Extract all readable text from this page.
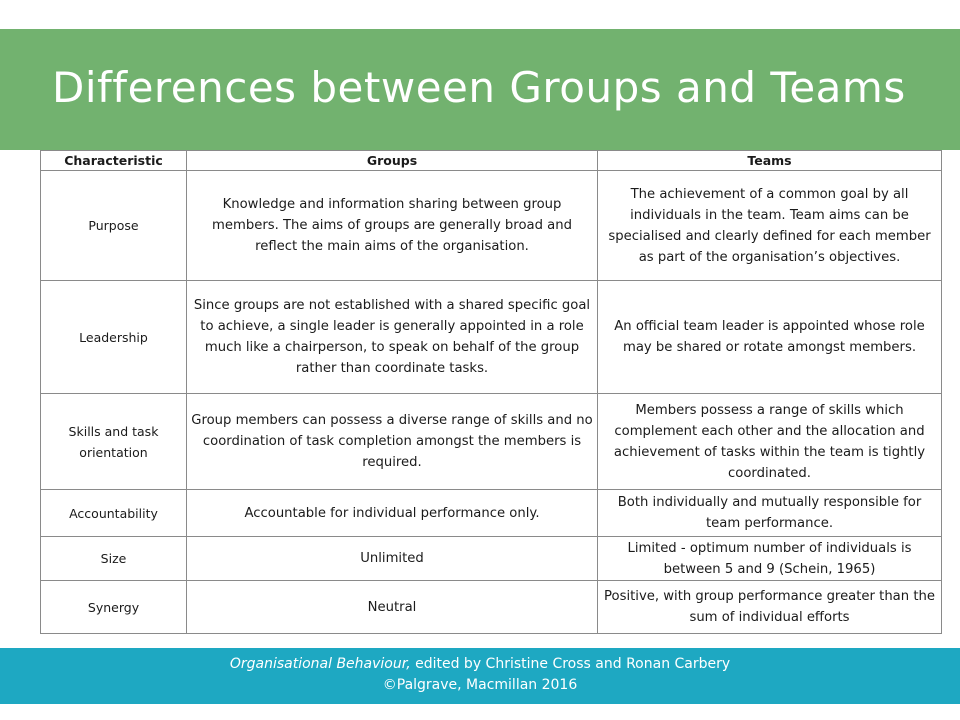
Differences between Groups and Teams
Characteristic	Groups	Teams
Purpose	Knowledge and information sharing between group members. The aims of groups are generally broad and reflect the main aims of the organisation.	The achievement of a common goal by all individuals in the team. Team aims can be specialised and clearly defined for each member as part of the organisation’s objectives.
Leadership	Since groups are not established with a shared specific goal to achieve, a single leader is generally appointed in a role much like a chairperson, to speak on behalf of the group rather than coordinate tasks.	An official team leader is appointed whose role may be shared or rotate amongst members.
Skills and task orientation	Group members can possess a diverse range of skills and no coordination of task completion amongst the members is required.	Members possess a range of skills which complement each other and the allocation and achievement of tasks within the team is tightly coordinated.
Accountability	Accountable for individual performance only.	Both individually and mutually responsible for team performance.
Size	Unlimited	Limited - optimum number of individuals is between 5 and 9 (Schein, 1965)
Synergy	Neutral	Positive, with group performance greater than the sum of individual efforts
Organisational Behaviour, edited by Christine Cross and Ronan Carbery
©Palgrave, Macmillan 2016
